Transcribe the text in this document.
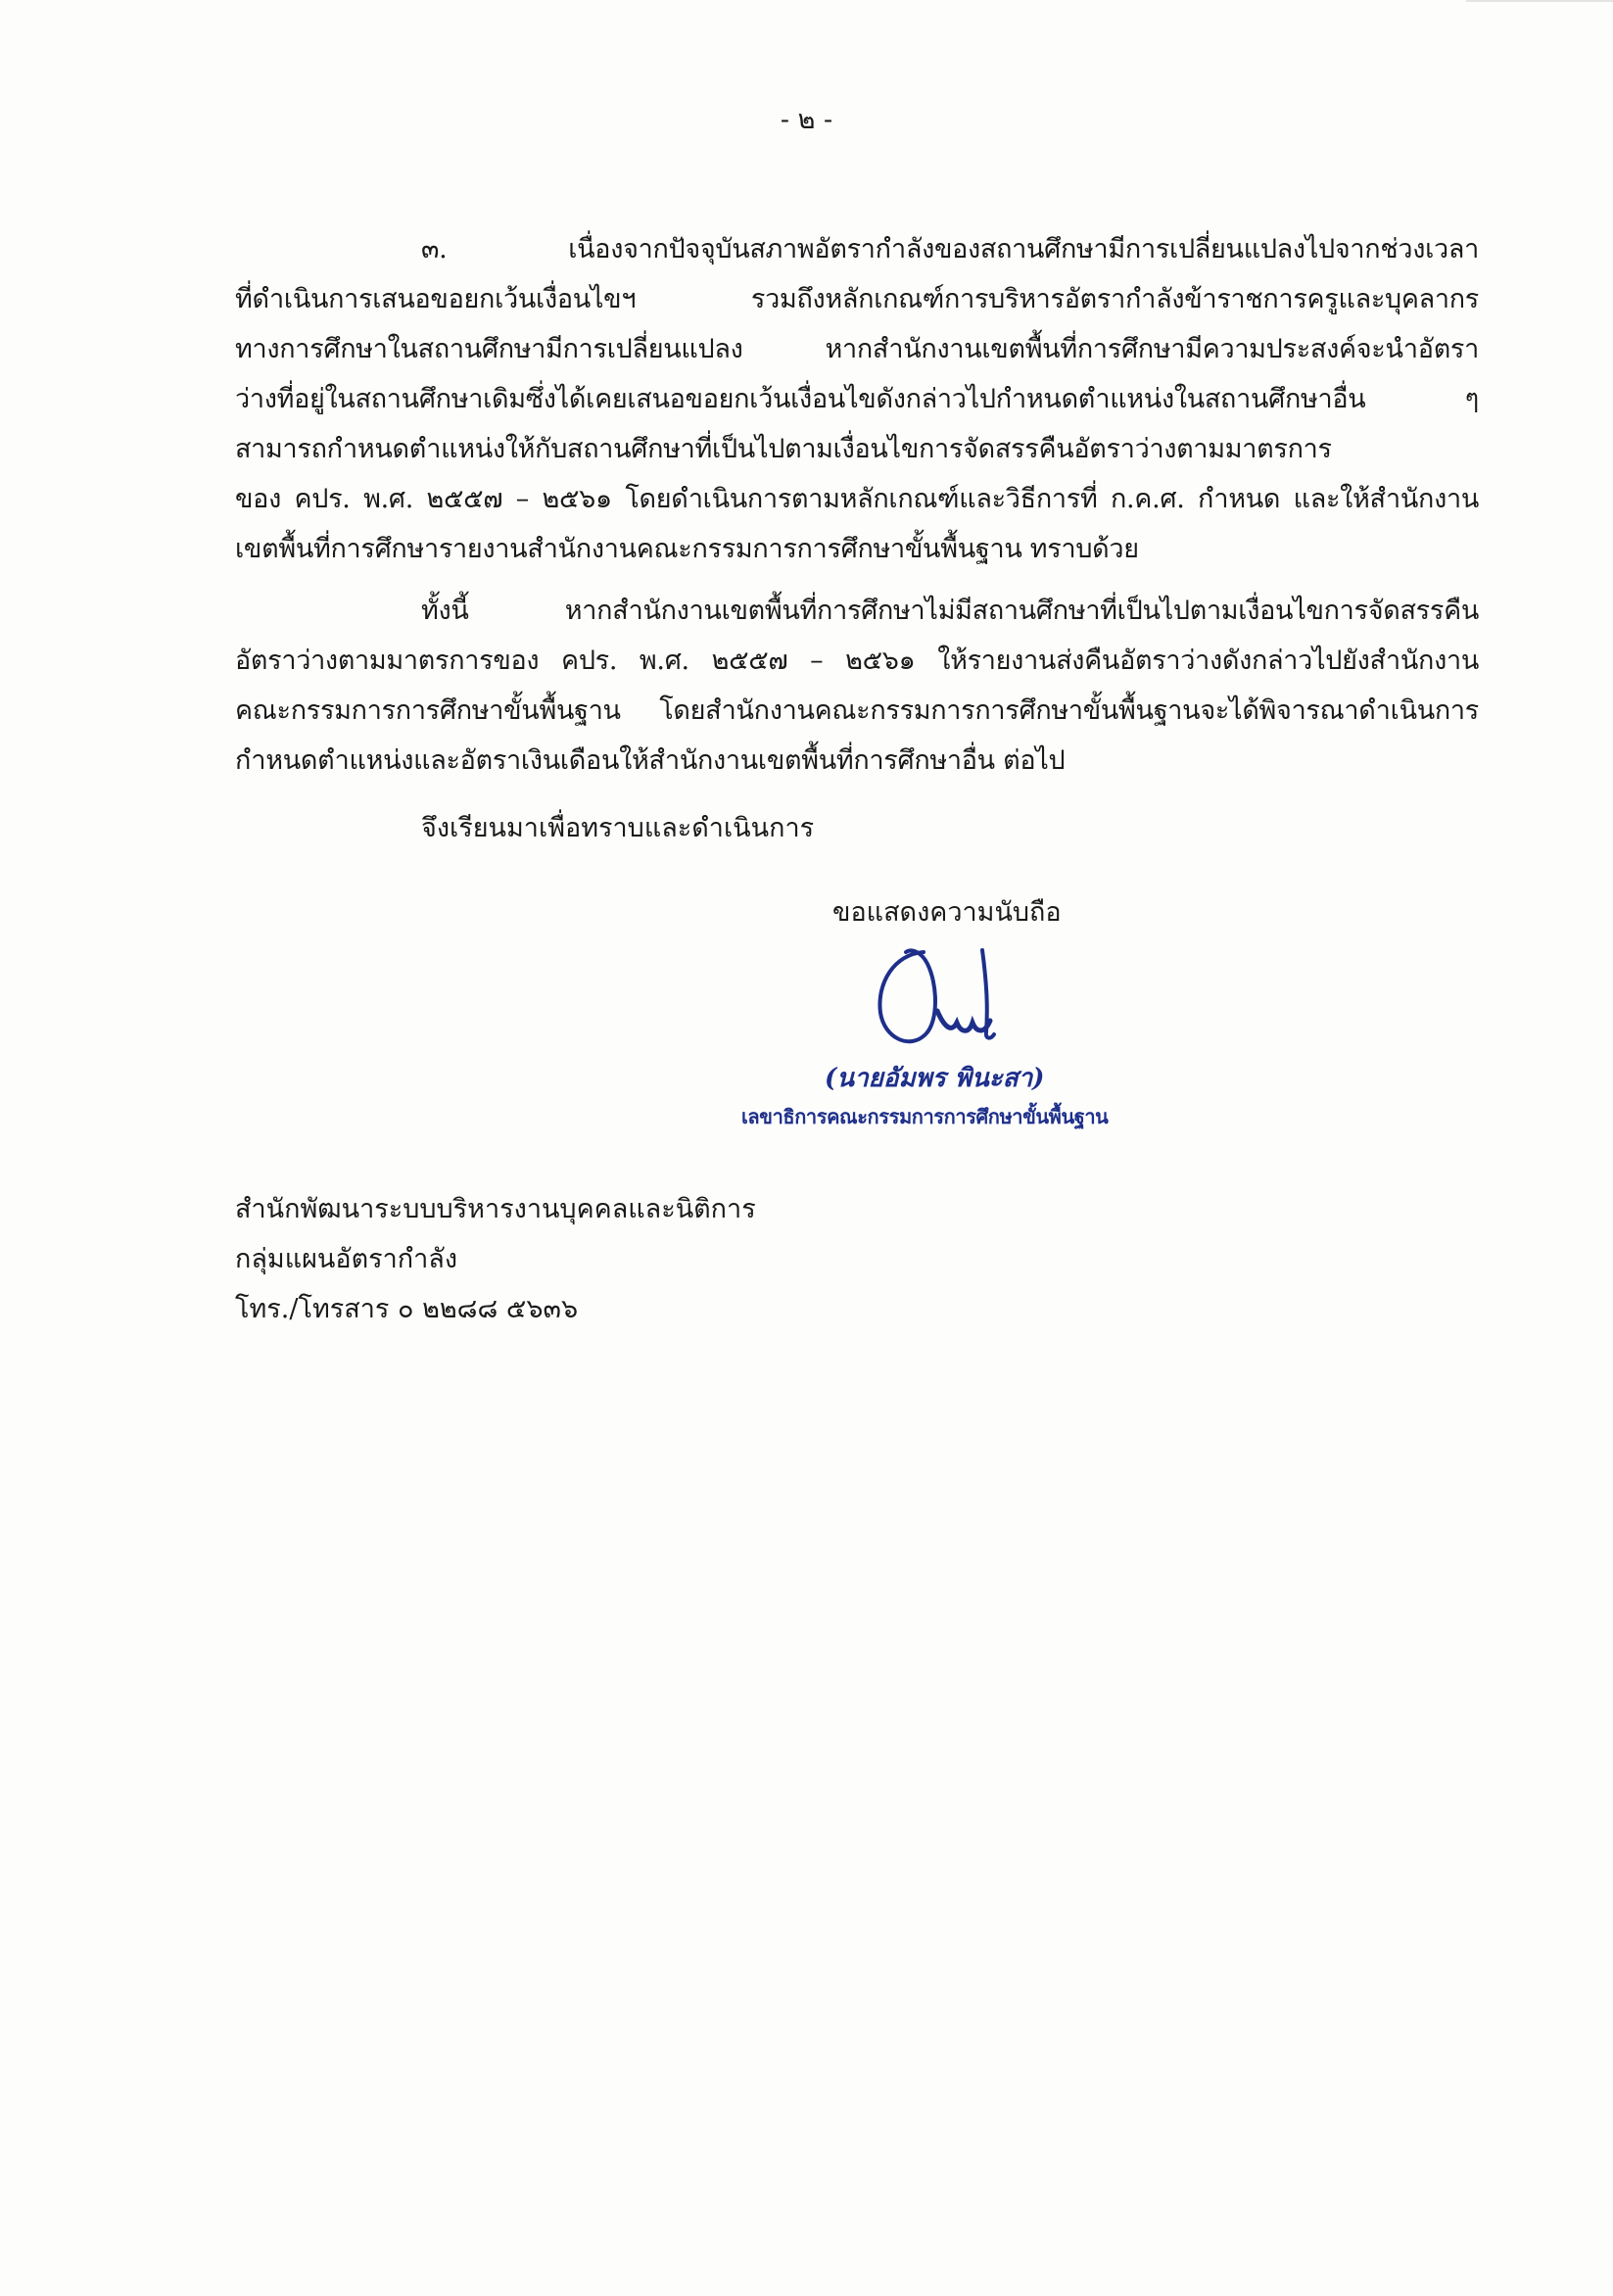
- ๒ -
๓. เนื่องจากปัจจุบันสภาพอัตรากำลังของสถานศึกษามีการเปลี่ยนแปลงไปจากช่วงเวลา
ที่ดำเนินการเสนอขอยกเว้นเงื่อนไขฯ รวมถึงหลักเกณฑ์การบริหารอัตรากำลังข้าราชการครูและบุคลากร
ทางการศึกษาในสถานศึกษามีการเปลี่ยนแปลง หากสำนักงานเขตพื้นที่การศึกษามีความประสงค์จะนำอัตรา
ว่างที่อยู่ในสถานศึกษาเดิมซึ่งได้เคยเสนอขอยกเว้นเงื่อนไขดังกล่าวไปกำหนดตำแหน่งในสถานศึกษาอื่น ๆ
สามารถกำหนดตำแหน่งให้กับสถานศึกษาที่เป็นไปตามเงื่อนไขการจัดสรรคืนอัตราว่างตามมาตรการ
ของ คปร. พ.ศ. ๒๕๕๗ – ๒๕๖๑ โดยดำเนินการตามหลักเกณฑ์และวิธีการที่ ก.ค.ศ. กำหนด และให้สำนักงาน
เขตพื้นที่การศึกษารายงานสำนักงานคณะกรรมการการศึกษาขั้นพื้นฐาน ทราบด้วย
ทั้งนี้ หากสำนักงานเขตพื้นที่การศึกษาไม่มีสถานศึกษาที่เป็นไปตามเงื่อนไขการจัดสรรคืน
อัตราว่างตามมาตรการของ คปร. พ.ศ. ๒๕๕๗ – ๒๕๖๑ ให้รายงานส่งคืนอัตราว่างดังกล่าวไปยังสำนักงาน
คณะกรรมการการศึกษาขั้นพื้นฐาน โดยสำนักงานคณะกรรมการการศึกษาขั้นพื้นฐานจะได้พิจารณาดำเนินการ
กำหนดตำแหน่งและอัตราเงินเดือนให้สำนักงานเขตพื้นที่การศึกษาอื่น ต่อไป
จึงเรียนมาเพื่อทราบและดำเนินการ
ขอแสดงความนับถือ
(นายอัมพร พินะสา)
เลขาธิการคณะกรรมการการศึกษาขั้นพื้นฐาน
สำนักพัฒนาระบบบริหารงานบุคคลและนิติการ
กลุ่มแผนอัตรากำลัง
โทร./โทรสาร ๐ ๒๒๘๘ ๕๖๓๖
